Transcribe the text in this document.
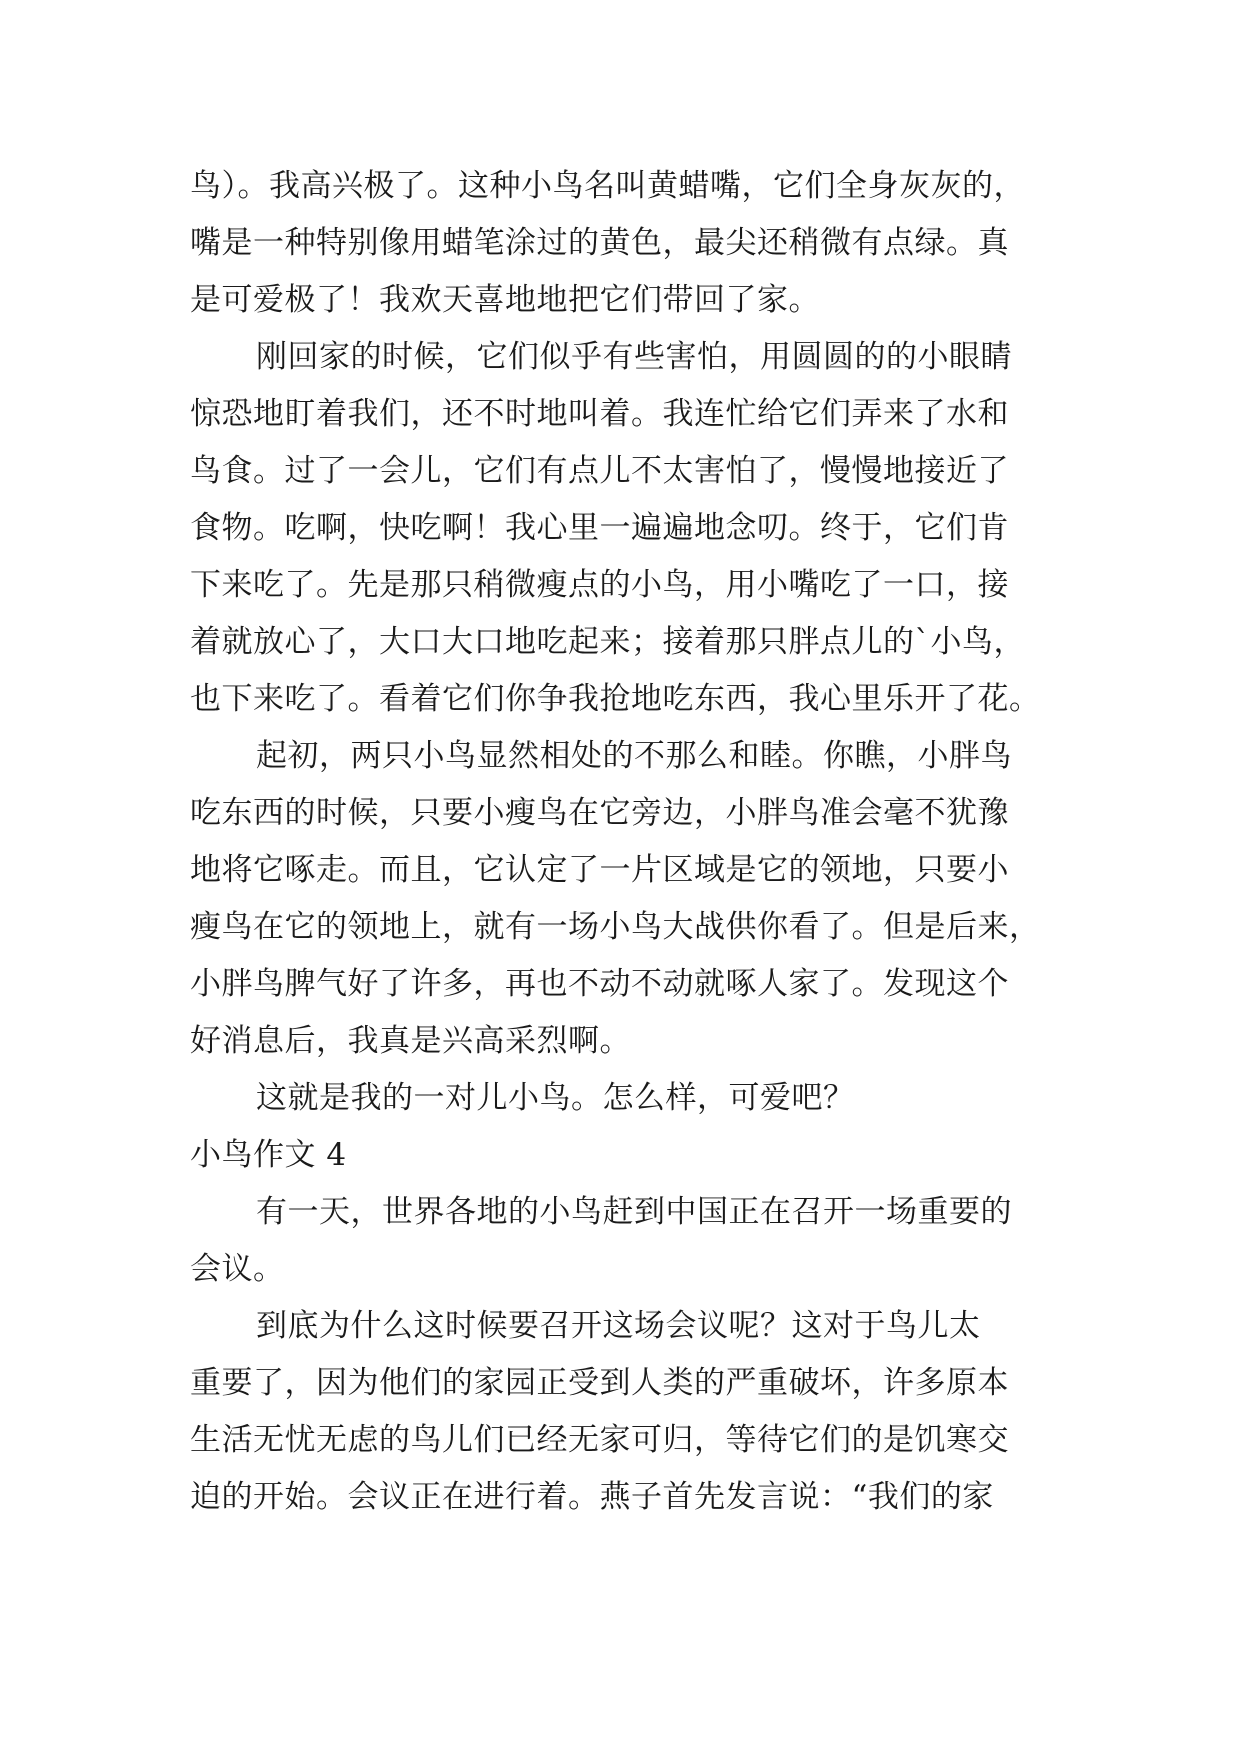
鸟）。我高兴极了。这种小鸟名叫黄蜡嘴，它们全身灰灰的，
嘴是一种特别像用蜡笔涂过的黄色，最尖还稍微有点绿。真
是可爱极了！我欢天喜地地把它们带回了家。
刚回家的时候，它们似乎有些害怕，用圆圆的的小眼睛
惊恐地盯着我们，还不时地叫着。我连忙给它们弄来了水和
鸟食。过了一会儿，它们有点儿不太害怕了，慢慢地接近了
食物。吃啊，快吃啊！我心里一遍遍地念叨。终于，它们肯
下来吃了。先是那只稍微瘦点的小鸟，用小嘴吃了一口，接
着就放心了，大口大口地吃起来；接着那只胖点儿的`小鸟，
也下来吃了。看着它们你争我抢地吃东西，我心里乐开了花。
起初，两只小鸟显然相处的不那么和睦。你瞧，小胖鸟
吃东西的时候，只要小瘦鸟在它旁边，小胖鸟准会毫不犹豫
地将它啄走。而且，它认定了一片区域是它的领地，只要小
瘦鸟在它的领地上，就有一场小鸟大战供你看了。但是后来，
小胖鸟脾气好了许多，再也不动不动就啄人家了。发现这个
好消息后，我真是兴高采烈啊。
这就是我的一对儿小鸟。怎么样，可爱吧？
小鸟作文 4
有一天，世界各地的小鸟赶到中国正在召开一场重要的
会议。
到底为什么这时候要召开这场会议呢？这对于鸟儿太
重要了，因为他们的家园正受到人类的严重破坏，许多原本
生活无忧无虑的鸟儿们已经无家可归，等待它们的是饥寒交
迫的开始。会议正在进行着。燕子首先发言说：“我们的家
